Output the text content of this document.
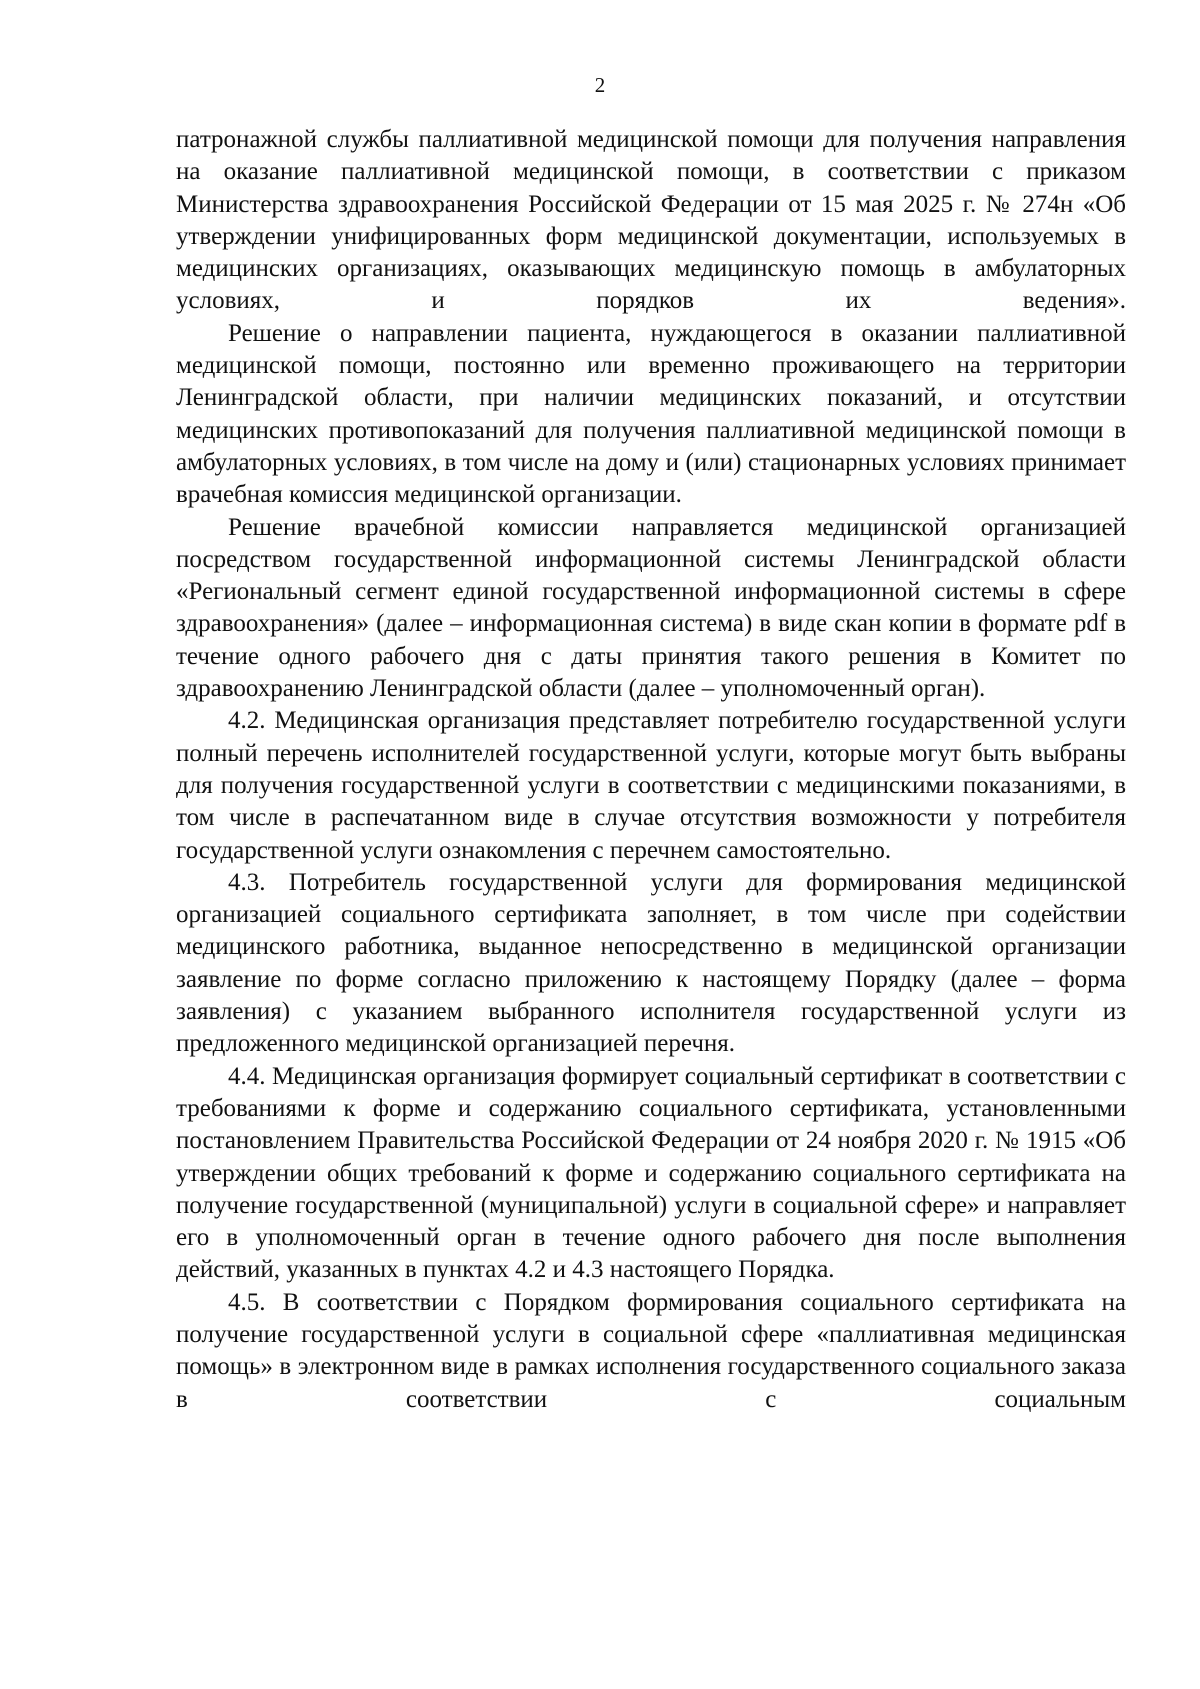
2

патронажной службы паллиативной медицинской помощи для получения направления на оказание паллиативной медицинской помощи, в соответствии с приказом Министерства здравоохранения Российской Федерации от 15 мая 2025 г. № 274н «Об утверждении унифицированных форм медицинской документации, используемых в медицинских организациях, оказывающих медицинскую помощь в амбулаторных условиях, и порядков их ведения».

Решение о направлении пациента, нуждающегося в оказании паллиативной медицинской помощи, постоянно или временно проживающего на территории Ленинградской области, при наличии медицинских показаний, и отсутствии медицинских противопоказаний для получения паллиативной медицинской помощи в амбулаторных условиях, в том числе на дому и (или) стационарных условиях принимает врачебная комиссия медицинской организации.

Решение врачебной комиссии направляется медицинской организацией посредством государственной информационной системы Ленинградской области «Региональный сегмент единой государственной информационной системы в сфере здравоохранения» (далее – информационная система) в виде скан копии в формате pdf в течение одного рабочего дня с даты принятия такого решения в Комитет по здравоохранению Ленинградской области (далее – уполномоченный орган).

4.2. Медицинская организация представляет потребителю государственной услуги полный перечень исполнителей государственной услуги, которые могут быть выбраны для получения государственной услуги в соответствии с медицинскими показаниями, в том числе в распечатанном виде в случае отсутствия возможности у потребителя государственной услуги ознакомления с перечнем самостоятельно.

4.3. Потребитель государственной услуги для формирования медицинской организацией социального сертификата заполняет, в том числе при содействии медицинского работника, выданное непосредственно в медицинской организации заявление по форме согласно приложению к настоящему Порядку (далее – форма заявления) с указанием выбранного исполнителя государственной услуги из предложенного медицинской организацией перечня.

4.4. Медицинская организация формирует социальный сертификат в соответствии с требованиями к форме и содержанию социального сертификата, установленными постановлением Правительства Российской Федерации от 24 ноября 2020 г. № 1915 «Об утверждении общих требований к форме и содержанию социального сертификата на получение государственной (муниципальной) услуги в социальной сфере» и направляет его в уполномоченный орган в течение одного рабочего дня после выполнения действий, указанных в пунктах 4.2 и 4.3 настоящего Порядка.

4.5. В соответствии с Порядком формирования социального сертификата на получение государственной услуги в социальной сфере «паллиативная медицинская помощь» в электронном виде в рамках исполнения государственного социального заказа в соответствии с социальным
